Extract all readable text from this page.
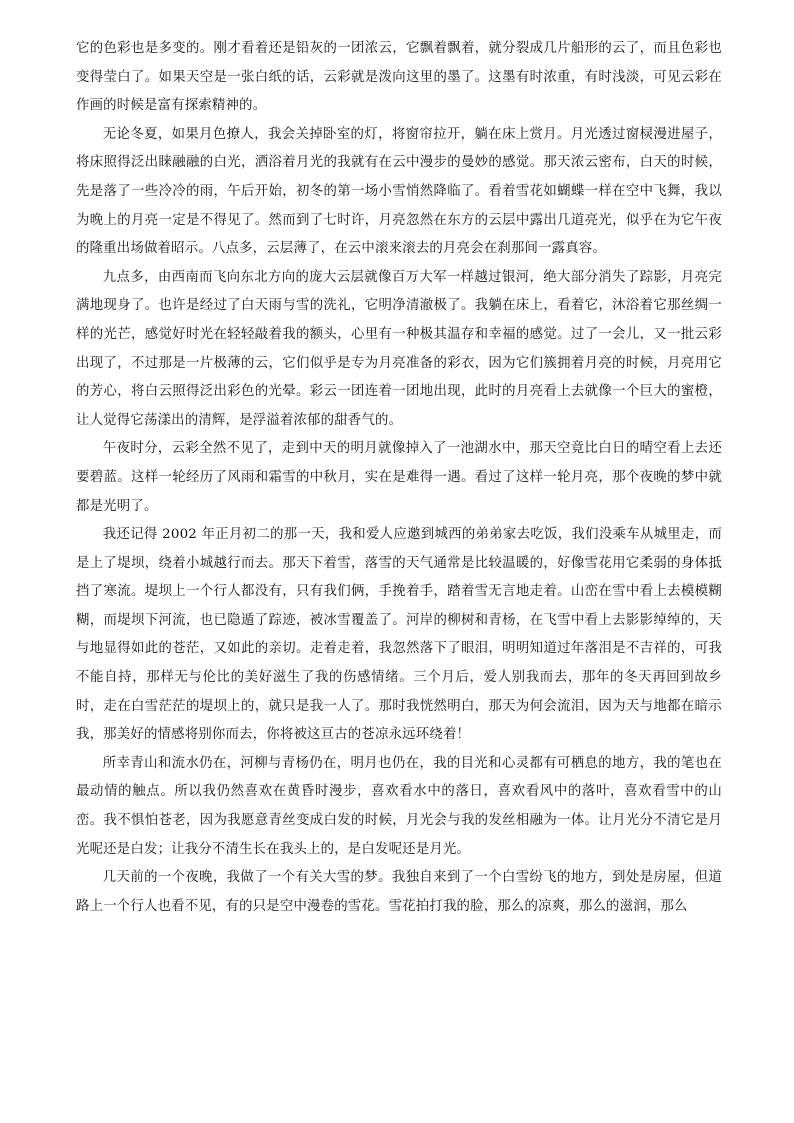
它的色彩也是多变的。刚才看着还是铅灰的一团浓云，它飘着飘着，就分裂成几片船形的云了，而且色彩也变得莹白了。如果天空是一张白纸的话，云彩就是泼向这里的墨了。这墨有时浓重，有时浅淡，可见云彩在作画的时候是富有探索精神的。

无论冬夏，如果月色撩人，我会关掉卧室的灯，将窗帘拉开，躺在床上赏月。月光透过窗棂漫进屋子，将床照得泛出睐融融的白光，洒浴着月光的我就有在云中漫步的曼妙的感觉。那天浓云密布，白天的时候，先是落了一些冷冷的雨，午后开始，初冬的第一场小雪悄然降临了。看着雪花如蝴蝶一样在空中飞舞，我以为晚上的月亮一定是不得见了。然而到了七时许，月亮忽然在东方的云层中露出几道亮光，似乎在为它午夜的隆重出场做着昭示。八点多，云层薄了，在云中滚来滚去的月亮会在刹那间一露真容。

九点多，由西南而飞向东北方向的庞大云层就像百万大军一样越过银河，绝大部分消失了踪影，月亮完满地现身了。也许是经过了白天雨与雪的洗礼，它明净清澈极了。我躺在床上，看着它，沐浴着它那丝绸一样的光芒，感觉好时光在轻轻敲着我的额头，心里有一种极其温存和幸福的感觉。过了一会儿，又一批云彩出现了，不过那是一片极薄的云，它们似乎是专为月亮准备的彩衣，因为它们簇拥着月亮的时候，月亮用它的芳心，将白云照得泛出彩色的光晕。彩云一团连着一团地出现，此时的月亮看上去就像一个巨大的蜜橙，让人觉得它荡漾出的清辉，是浮溢着浓郁的甜香气的。

午夜时分，云彩全然不见了，走到中天的明月就像掉入了一池湖水中，那天空竟比白日的晴空看上去还要碧蓝。这样一轮经历了风雨和霜雪的中秋月，实在是难得一遇。看过了这样一轮月亮，那个夜晚的梦中就都是光明了。

我还记得 2002 年正月初二的那一天，我和爱人应邀到城西的弟弟家去吃饭，我们没乘车从城里走，而是上了堤坝，绕着小城越行而去。那天下着雪，落雪的天气通常是比较温暖的，好像雪花用它柔弱的身体抵挡了寒流。堤坝上一个行人都没有，只有我们俩，手挽着手，踏着雪无言地走着。山峦在雪中看上去模模糊糊，而堤坝下河流，也已隐遁了踪迹，被冰雪覆盖了。河岸的柳树和青杨，在飞雪中看上去影影绰绰的，天与地显得如此的苍茫，又如此的亲切。走着走着，我忽然落下了眼泪，明明知道过年落泪是不吉祥的，可我不能自持，那样无与伦比的美好滋生了我的伤感情绪。三个月后，爱人别我而去，那年的冬天再回到故乡时，走在白雪茫茫的堤坝上的，就只是我一人了。那时我恍然明白，那天为何会流泪，因为天与地都在暗示我，那美好的情感将别你而去，你将被这亘古的苍凉永远环绕着！

所幸青山和流水仍在，河柳与青杨仍在，明月也仍在，我的目光和心灵都有可栖息的地方，我的笔也在最动情的触点。所以我仍然喜欢在黄昏时漫步，喜欢看水中的落日，喜欢看风中的落叶，喜欢看雪中的山峦。我不惧怕苍老，因为我愿意青丝变成白发的时候，月光会与我的发丝相融为一体。让月光分不清它是月光呢还是白发；让我分不清生长在我头上的，是白发呢还是月光。

几天前的一个夜晚，我做了一个有关大雪的梦。我独自来到了一个白雪纷飞的地方，到处是房屋，但道路上一个行人也看不见，有的只是空中漫卷的雪花。雪花拍打我的脸，那么的凉爽，那么的滋润，那么
